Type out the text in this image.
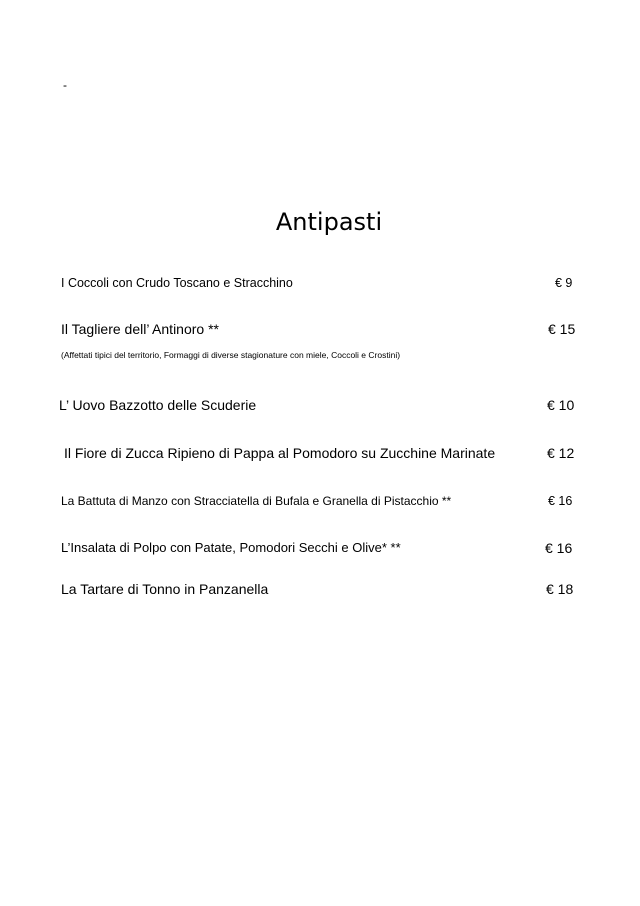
-
Antipasti
I Coccoli con Crudo Toscano e Stracchino	€ 9
Il Tagliere dell’ Antinoro **	€ 15
(Affettati tipici del territorio, Formaggi di diverse stagionature con miele, Coccoli e Crostini)
L’ Uovo Bazzotto delle Scuderie	€ 10
Il Fiore di Zucca Ripieno di Pappa al Pomodoro su Zucchine Marinate	€ 12
La Battuta di Manzo con Stracciatella di Bufala e Granella di Pistacchio **	€ 16
L’Insalata di Polpo con Patate, Pomodori Secchi e Olive* **	€ 16
La Tartare di Tonno in Panzanella	€ 18
